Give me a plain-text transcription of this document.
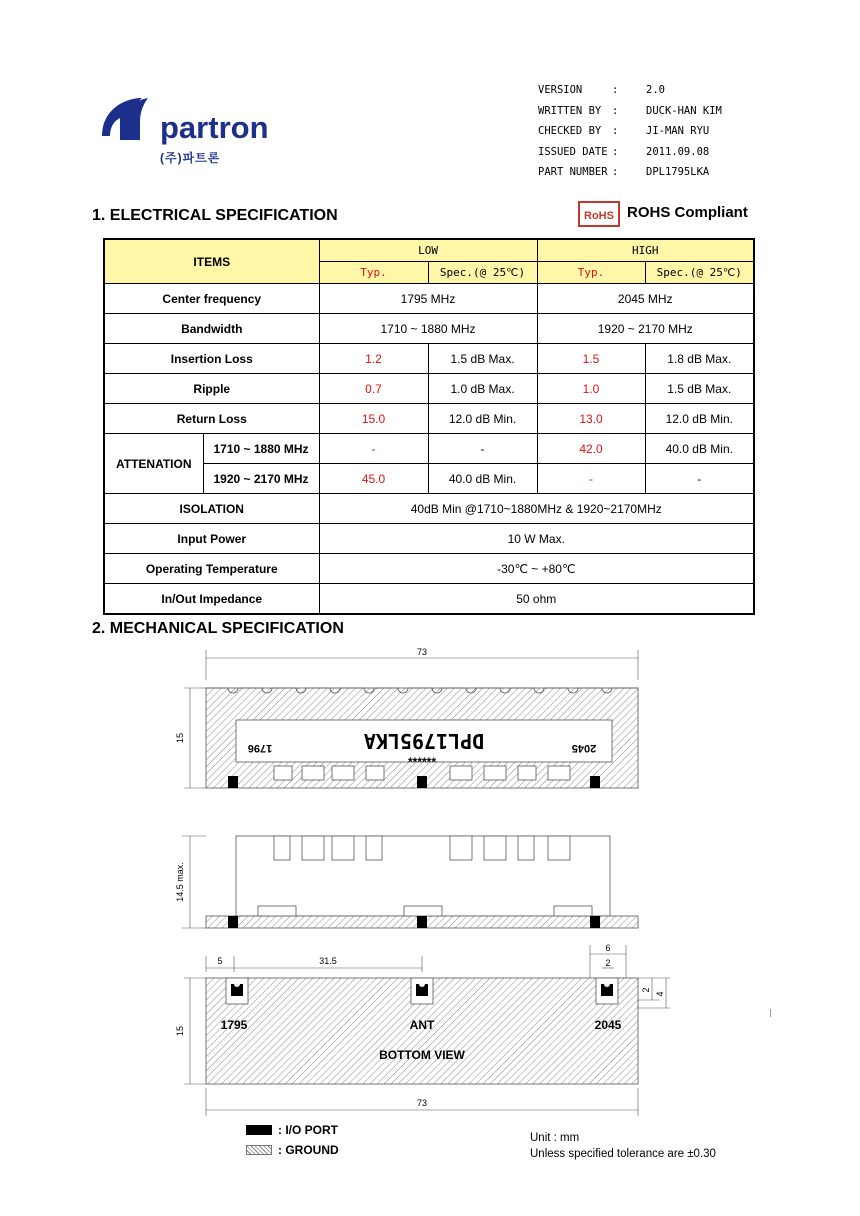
partron
(주)파트론
VERSION	:	2.0
WRITTEN BY	:	DUCK-HAN KIM
CHECKED BY	:	JI-MAN RYU
ISSUED DATE :	2011.09.08
PART NUMBER :	DPL1795LKA
1. ELECTRICAL SPECIFICATION	RoHS ROHS Compliant
ITEMS		LOW		HIGH	
		Typ.	Spec.(@ 25℃)	Typ.	Spec.(@ 25℃)
Center frequency		1795 MHz		2045 MHz	
Bandwidth		1710 ~ 1880 MHz		1920 ~ 2170 MHz	
Insertion Loss		1.2	1.5 dB Max.	1.5	1.8 dB Max.
Ripple		0.7	1.0 dB Max.	1.0	1.5 dB Max.
Return Loss		15.0	12.0 dB Min.	13.0	12.0 dB Min.
ATTENATION	1710 ~ 1880 MHz	-	-	42.0	40.0 dB Min.
	1920 ~ 2170 MHz	45.0	40.0 dB Min.	-	-
ISOLATION		40dB Min @1710~1880MHz & 1920~2170MHz			
Input Power		10 W Max.			
Operating Temperature		-30℃ ~ +80℃			
In/Out Impedance		50 ohm			
2. MECHANICAL SPECIFICATION
73
15	DPL1795LKA
1796	2045
******
14.5 max.
5	31.5
6
2
2
4
15
73
1795	ANT	2045
BOTTOM VIEW
: I/O PORT
: GROUND
Unit : mm
Unless specified tolerance are ±0.30
